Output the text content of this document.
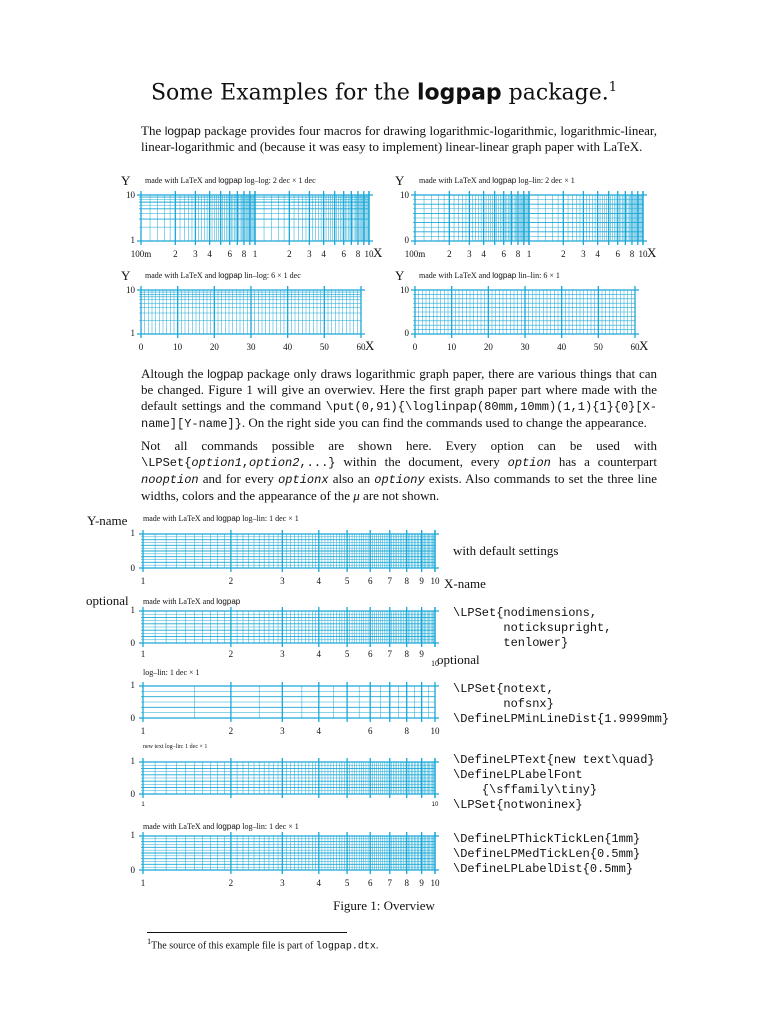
Some Examples for the logpap package.$^1$

The logpap package provides four macros for drawing logarithmic-logarithmic, logarithmic-linear, linear-logarithmic and (because it was easy to implement) linear-linear graph paper with LaTeX.

Y made with LaTeX and logpap log–log: 2 dec × 1 dec
10
1
X
100m 2 3 4 6 8 1	2 3 4 6 8 10
Y made with LaTeX and logpap log–lin: 2 dec × 1
10
0
X
100m 2 3 4 6 8 1	2 3 4 6 8 10
Y made with LaTeX and logpap lin–log: 6 × 1 dec
10
1
X
0	10	20	30	40	50	60
Y made with LaTeX and logpap lin–lin: 6 × 1
10
0
X
0	10	20	30	40	50	60

Altough the logpap package only draws logarithmic graph paper, there are various things that can be changed. Figure 1 will give an overwiev. Here the first graph paper part where made with the default settings and the command \put(0,91){\loglinpap(80mm,10mm)(1,1){1}{0}[X-name][Y-name]}. On the right side you can find the commands used to change the appearance.

Not all commands possible are shown here. Every option can be used with \LPSet{option1,option2,...} within the document, every option has a counterpart nooption and for every optionx also an optiony exists. Also commands to set the three line widths, colors and the appearance of the μ are not shown.

1
0
1	2	3	4	5 6 7 8 9 10
1
0
1	2	3	4	5 6 7 8 9
10
1
0
1	2	3	4	6	8 10
1
0
1	10
1
0
1	2	3	4	5 6 7 8 9 10
Y-name made with LaTeX and logpap log–lin: 1 dec × 1
X-name
optional made with LaTeX and logpap
optional
log–lin: 1 dec × 1
new text log–lin: 1 dec × 1
made with LaTeX and logpap log–lin: 1 dec × 1
with default settings
\LPSet{nodimensions,
noticksupright,
tenlower}
\LPSet{notext,
nofsnx}
\DefineLPMinLineDist{1.9999mm}
\DefineLPText{new text\quad}
\DefineLPLabelFont
{\sffamily\tiny}
\LPSet{notwoninex}
\DefineLPThickTickLen{1mm}
\DefineLPMedTickLen{0.5mm}
\DefineLPLabelDist{0.5mm}
Figure 1: Overview
$^1$The source of this example file is part of logpap.dtx.
